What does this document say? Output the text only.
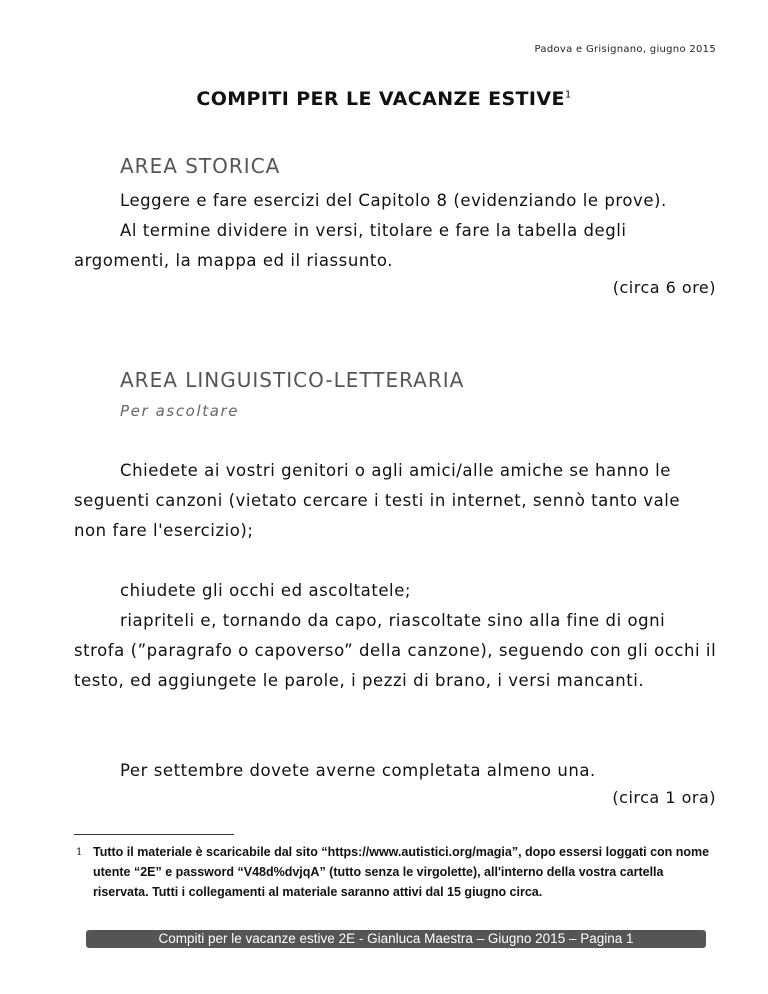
Padova e Grisignano, giugno 2015
COMPITI PER LE VACANZE ESTIVE$^1$
AREA STORICA
Leggere e fare esercizi del Capitolo 8 (evidenziando le prove).
Al termine dividere in versi, titolare e fare la tabella degli argomenti, la mappa ed il riassunto.
(circa 6 ore)
AREA LINGUISTICO-LETTERARIA
Per ascoltare
Chiedete ai vostri genitori o agli amici/alle amiche se hanno le seguenti canzoni (vietato cercare i testi in internet, sennò tanto vale non fare l'esercizio);
chiudete gli occhi ed ascoltatele;
riapriteli e, tornando da capo, riascoltate sino alla fine di ogni strofa (”paragrafo o capoverso” della canzone), seguendo con gli occhi il testo, ed aggiungete le parole, i pezzi di brano, i versi mancanti.
Per settembre dovete averne completata almeno una.
(circa 1 ora)
1 Tutto il materiale è scaricabile dal sito “https://www.autistici.org/magia”, dopo essersi loggati con nome utente “2E” e password “V48d%dvjqA” (tutto senza le virgolette), all'interno della vostra cartella riservata. Tutti i collegamenti al materiale saranno attivi dal 15 giugno circa.
Compiti per le vacanze estive 2E - Gianluca Maestra – Giugno 2015 – Pagina 1
